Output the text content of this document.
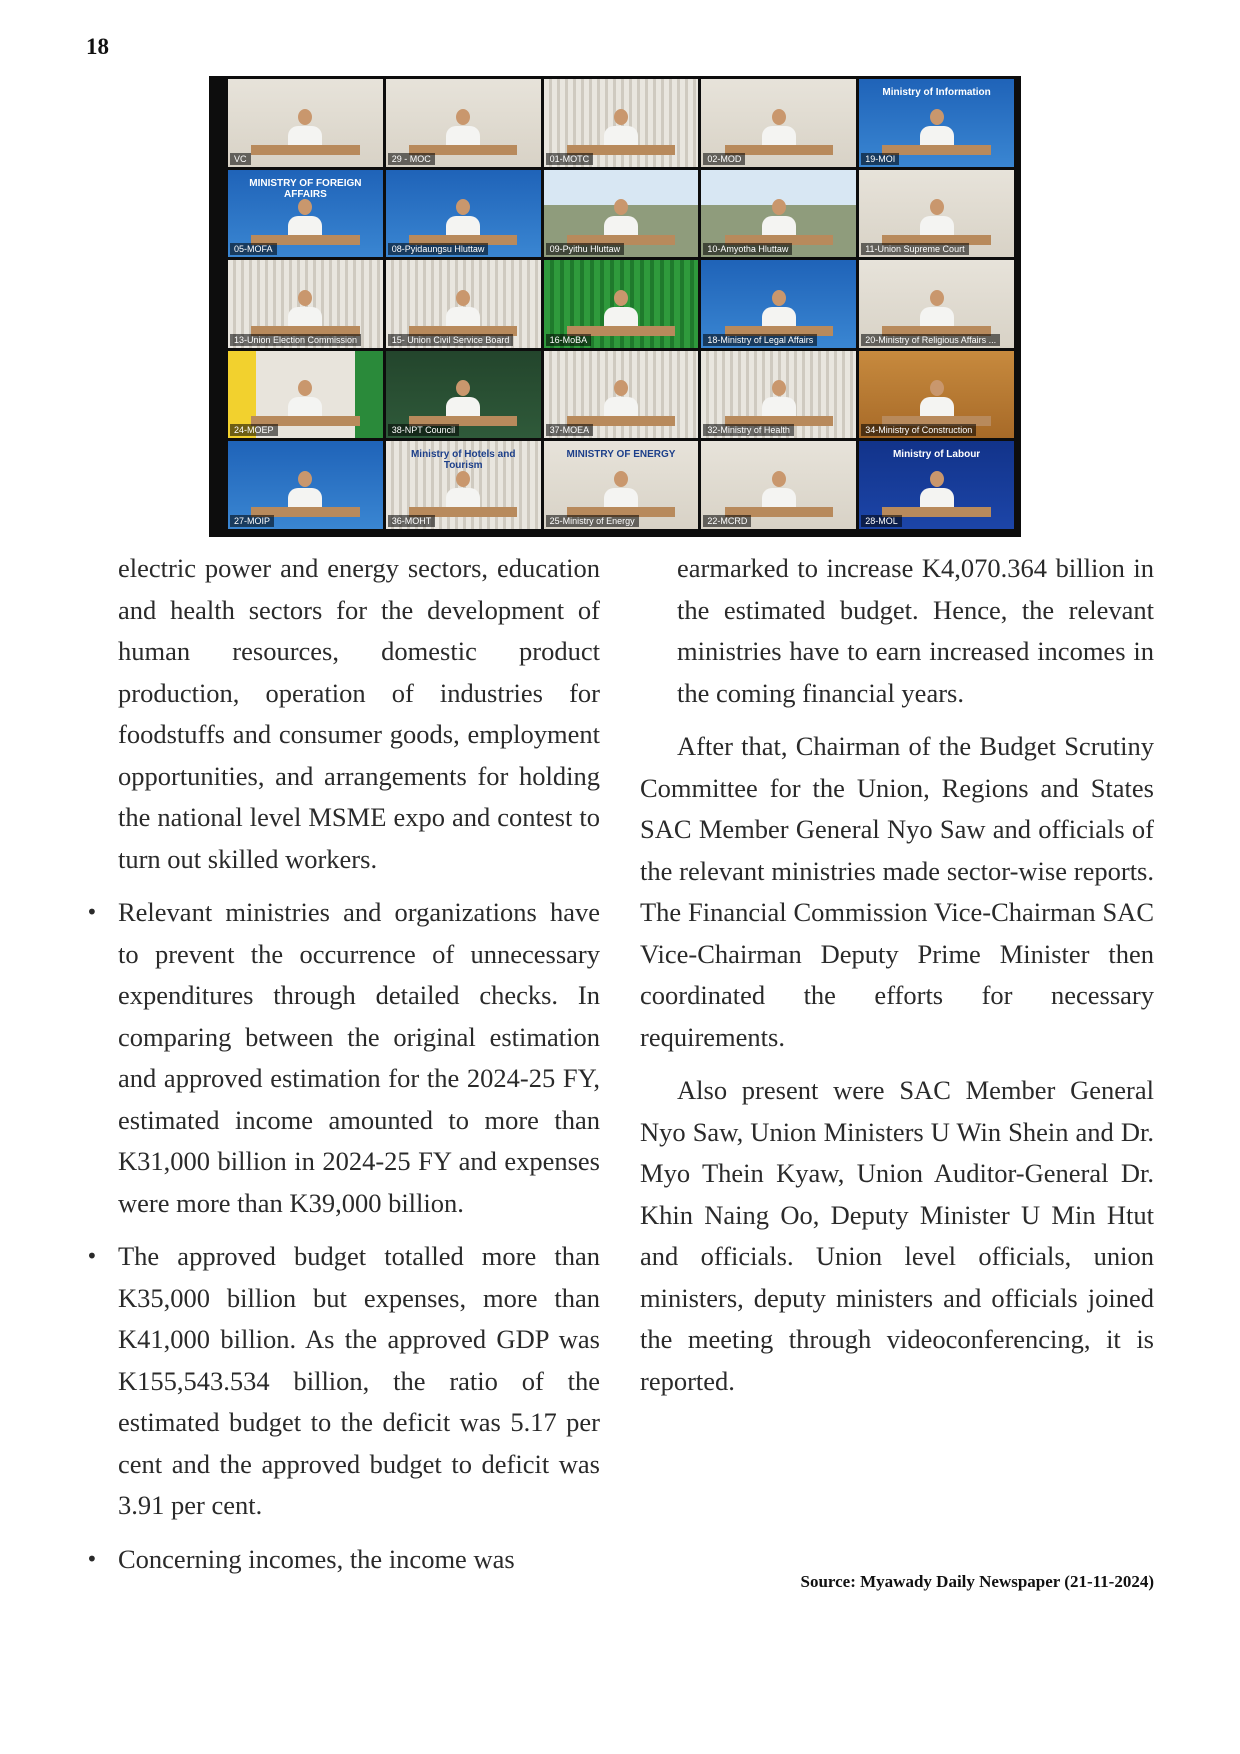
18
VC	29 - MOC	01-MOTC	02-MOD
Ministry of Information
19-MOI
MINISTRY OF FOREIGN AFFAIRS
05-MOFA	08-Pyidaungsu Hluttaw	09-Pyithu Hluttaw	10-Amyotha Hluttaw	11-Union Supreme Court
13-Union Election Commission	15- Union Civil Service Board	16-MoBA	18-Ministry of Legal Affairs	20-Ministry of Religious Affairs ...
24-MOEP	38-NPT Council	37-MOEA	32-Ministry of Health	34-Ministry of Construction
27-MOIP
Ministry of Hotels and Tourism
36-MOHT
MINISTRY OF ENERGY
25-Ministry of Energy	22-MCRD
Ministry of Labour
28-MOL

electric power and energy sectors, education and health sectors for the development of human resources, domestic product production, operation of industries for foodstuffs and consumer goods, employment opportunities, and arrangements for holding the national level MSME expo and contest to turn out skilled workers.

• Relevant ministries and organizations have to prevent the occurrence of unnecessary expenditures through detailed checks. In comparing between the original estimation and approved estimation for the 2024-25 FY, estimated income amounted to more than K31,000 billion in 2024-25 FY and expenses were more than K39,000 billion.

• The approved budget totalled more than K35,000 billion but expenses, more than K41,000 billion. As the approved GDP was K155,543.534 billion, the ratio of the estimated budget to the deficit was 5.17 per cent and the approved budget to deficit was 3.91 per cent.

• Concerning incomes, the income was

earmarked to increase K4,070.364 billion in the estimated budget. Hence, the relevant ministries have to earn increased incomes in the coming financial years.

After that, Chairman of the Budget Scrutiny Committee for the Union, Regions and States SAC Member General Nyo Saw and officials of the relevant ministries made sector-wise reports. The Financial Commission Vice-Chairman SAC Vice-Chairman Deputy Prime Minister then coordinated the efforts for necessary requirements.

Also present were SAC Member General Nyo Saw, Union Ministers U Win Shein and Dr. Myo Thein Kyaw, Union Auditor-General Dr. Khin Naing Oo, Deputy Minister U Min Htut and officials. Union level officials, union ministers, deputy ministers and officials joined the meeting through videoconferencing, it is reported.

Source: Myawady Daily Newspaper (21-11-2024)
